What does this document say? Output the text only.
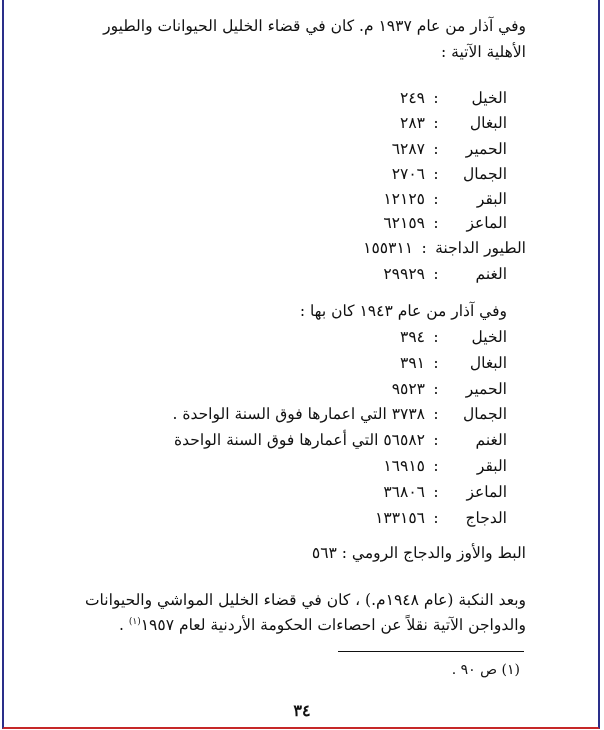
وفي آذار من عام ١٩٣٧ م. كان في قضاء الخليل الحيوانات والطيور
الأهلية الآتية :
الخيل
:
٢٤٩
البغال
:
٢٨٣
الحمير
:
٦٢٨٧
الجمال
:
٢٧٠٦
البقر
:
١٢١٢٥
الماعز
:
٦٢١٥٩
الطيور الداجنة
:
١٥٥٣١١
الغنم
:
٢٩٩٢٩
وفي آذار من عام ١٩٤٣ كان بها :
الخيل
:
٣٩٤
البغال
:
٣٩١
الحمير
:
٩٥٢٣
الجمال
:
٣٧٣٨ التي اعمارها فوق السنة الواحدة .
الغنم
:
٥٦٥٨٢ التي أعمارها فوق السنة الواحدة
البقر
:
١٦٩١٥
الماعز
:
٣٦٨٠٦
الدجاج
:
١٣٣١٥٦
البط والأوز والدجاج الرومي : ٥٦٣
وبعد النكبة (عام ١٩٤٨م.) ، كان في قضاء الخليل المواشي والحيوانات
والدواجن الآتية نقلاً عن احصاءات الحكومة الأردنية لعام ١٩٥٧$^{(١)}$ .
(١) ص ٩٠ .
٣٤
